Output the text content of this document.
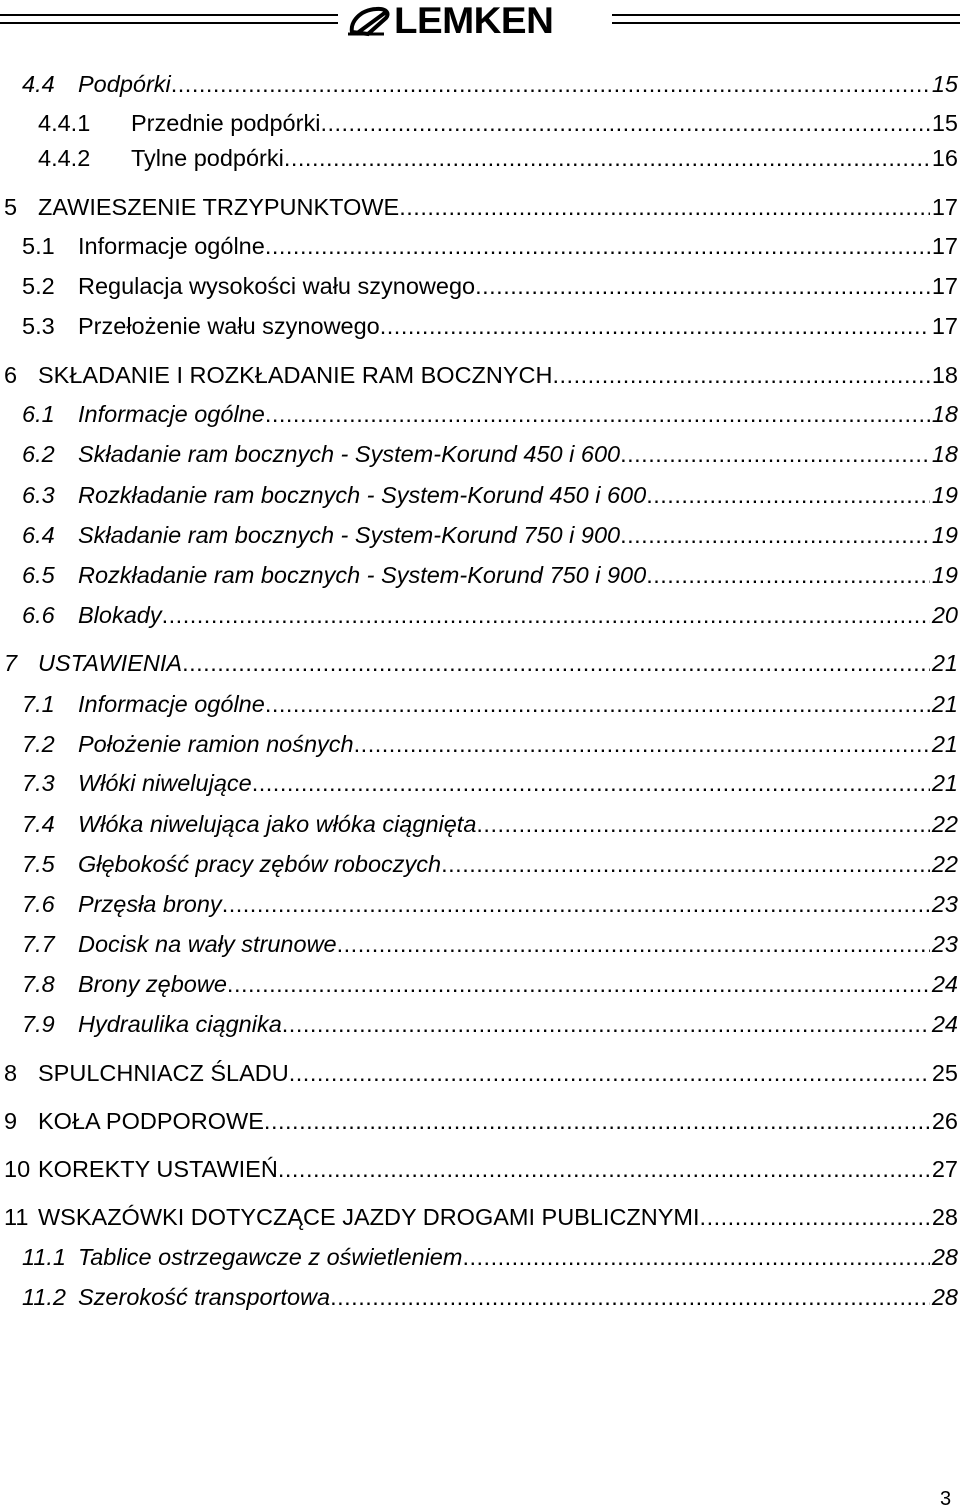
LEMKEN
4.4 Podpórki .....	15
4.4.1	Przednie podpórki .....	15
4.4.2	Tylne podpórki .....	16
5 ZAWIESZENIE TRZYPUNKTOWE .....	17
5.1 Informacje ogólne .....	17
5.2 Regulacja wysokości wału szynowego .....	17
5.3 Przełożenie wału szynowego .....	17
6 SKŁADANIE I ROZKŁADANIE RAM BOCZNYCH .....	18
6.1 Informacje ogólne .....	18
6.2 Składanie ram bocznych - System-Korund 450 i 600 .....	18
6.3 Rozkładanie ram bocznych - System-Korund 450 i 600 .....	19
6.4 Składanie ram bocznych - System-Korund 750 i 900 .....	19
6.5 Rozkładanie ram bocznych - System-Korund 750 i 900 .....	19
6.6 Blokady .....	20
7 USTAWIENIA .....	21
7.1 Informacje ogólne .....	21
7.2 Położenie ramion nośnych .....	21
7.3 Włóki niwelujące .....	21
7.4 Włóka niwelująca jako włóka ciągnięta .....	22
7.5 Głębokość pracy zębów roboczych .....	22
7.6 Przęsła brony .....	23
7.7 Docisk na wały strunowe .....	23
7.8 Brony zębowe .....	24
7.9 Hydraulika ciągnika .....	24
8 SPULCHNIACZ ŚLADU .....	25
9 KOŁA PODPOROWE .....	26
10 KOREKTY USTAWIEŃ .....	27
11 WSKAZÓWKI DOTYCZĄCE JAZDY DROGAMI PUBLICZNYMI .....	28
11.1 Tablice ostrzegawcze z oświetleniem .....	28
11.2 Szerokość transportowa .....	28
3
